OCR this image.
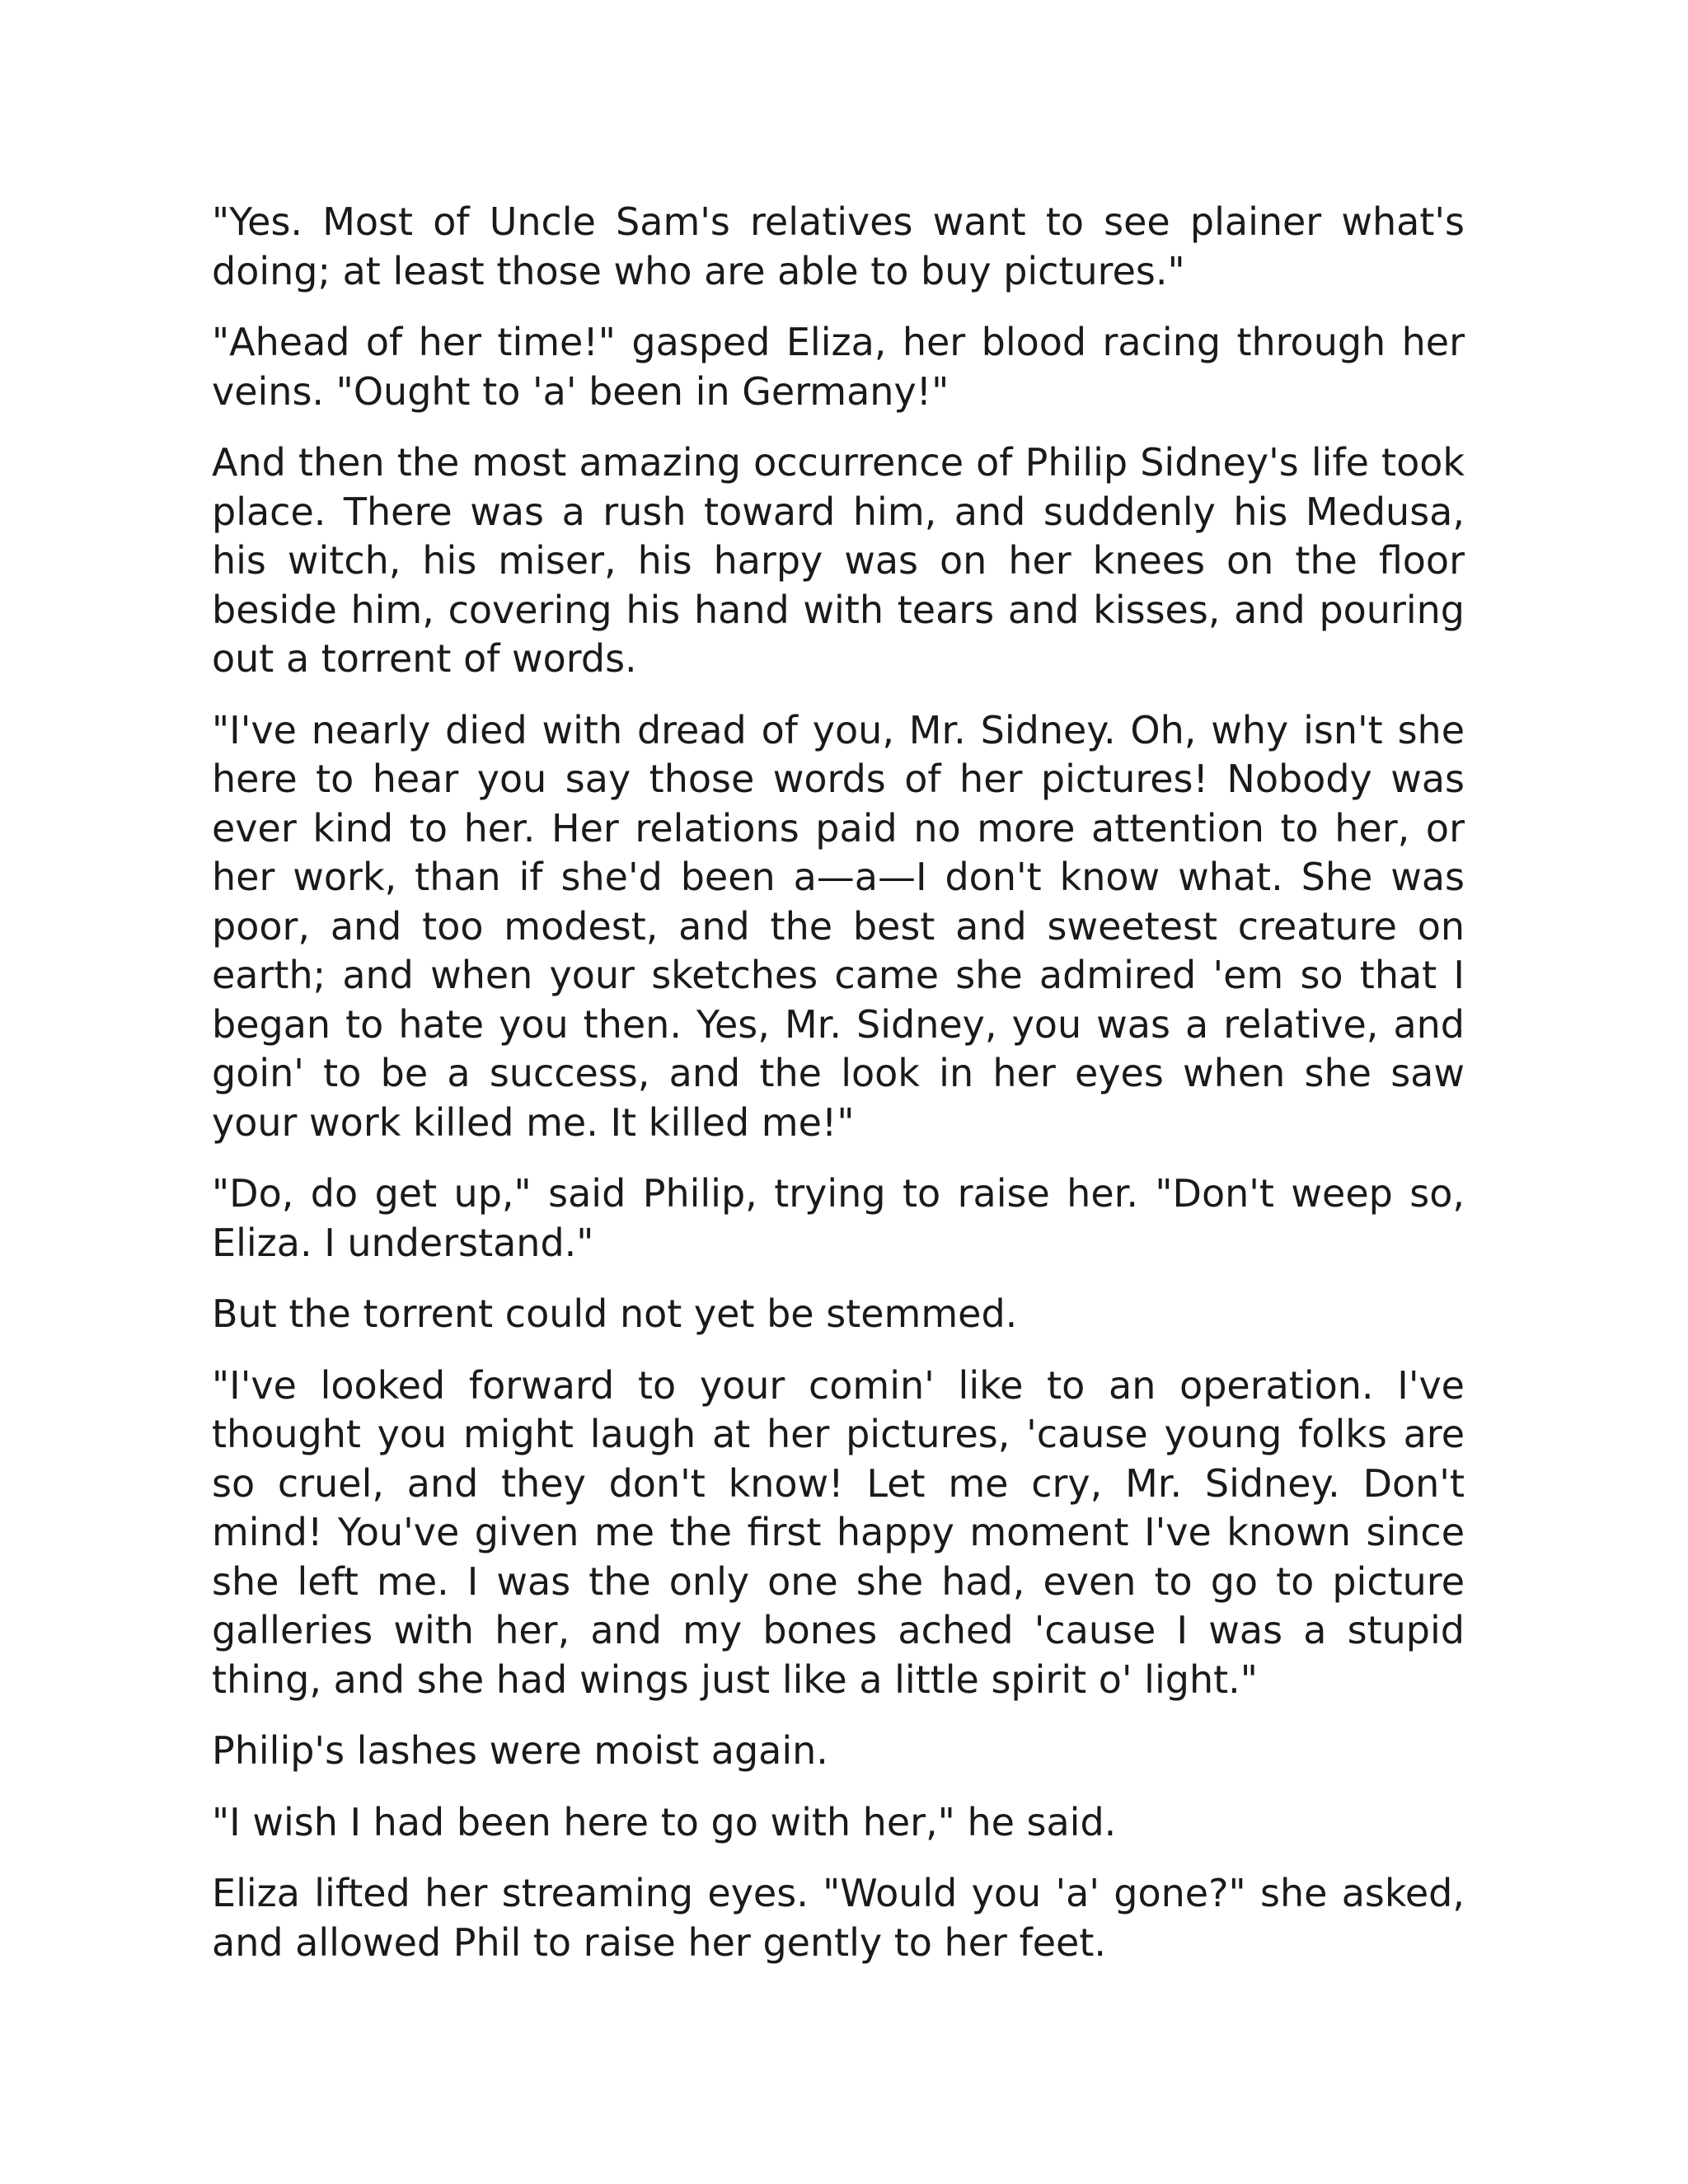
"Yes. Most of Uncle Sam's relatives want to see plainer what's doing; at least those who are able to buy pictures."

"Ahead of her time!" gasped Eliza, her blood racing through her veins. "Ought to 'a' been in Germany!"

And then the most amazing occurrence of Philip Sidney's life took place. There was a rush toward him, and suddenly his Medusa, his witch, his miser, his harpy was on her knees on the floor beside him, covering his hand with tears and kisses, and pouring out a torrent of words.

"I've nearly died with dread of you, Mr. Sidney. Oh, why isn't she here to hear you say those words of her pictures! Nobody was ever kind to her. Her relations paid no more attention to her, or her work, than if she'd been a—a—I don't know what. She was poor, and too modest, and the best and sweetest creature on earth; and when your sketches came she admired 'em so that I began to hate you then. Yes, Mr. Sidney, you was a relative, and goin' to be a success, and the look in her eyes when she saw your work killed me. It killed me!"

"Do, do get up," said Philip, trying to raise her. "Don't weep so, Eliza. I understand."

But the torrent could not yet be stemmed.

"I've looked forward to your comin' like to an operation. I've thought you might laugh at her pictures, 'cause young folks are so cruel, and they don't know! Let me cry, Mr. Sidney. Don't mind! You've given me the first happy moment I've known since she left me. I was the only one she had, even to go to picture galleries with her, and my bones ached 'cause I was a stupid thing, and she had wings just like a little spirit o' light."

Philip's lashes were moist again.

"I wish I had been here to go with her," he said.

Eliza lifted her streaming eyes. "Would you 'a' gone?" she asked, and allowed Phil to raise her gently to her feet.
